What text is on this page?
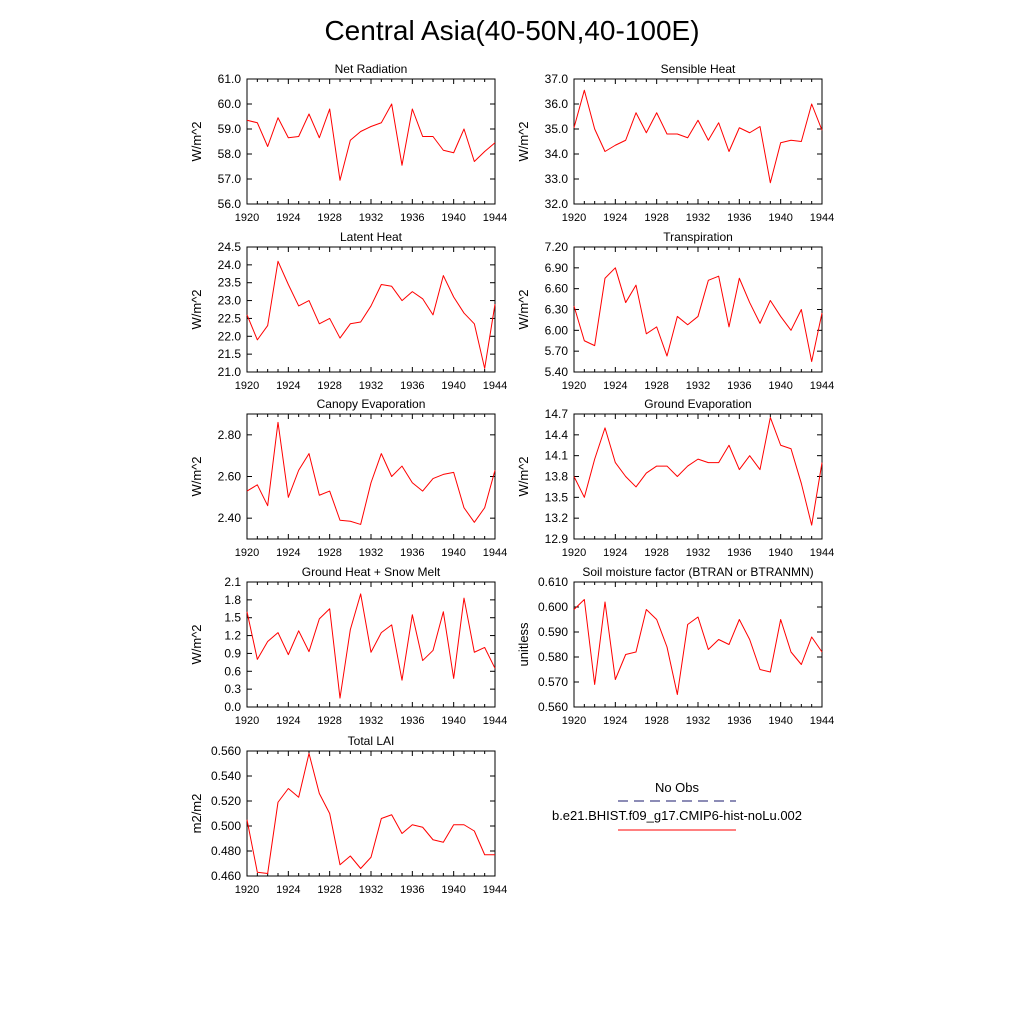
Central Asia(40-50N,40-100E)
Net Radiation
W/m^2
1920 1924 1928 1932 1936 1940 1944
56.0
57.0
58.0
59.0
60.0
61.0
Sensible Heat
W/m^2
1920 1924 1928 1932 1936 1940 1944
32.0
33.0
34.0
35.0
36.0
37.0
Latent Heat
W/m^2
1920 1924 1928 1932 1936 1940 1944
21.0
21.5
22.0
22.5
23.0
23.5
24.0
24.5
Transpiration
W/m^2
1920 1924 1928 1932 1936 1940 1944
5.40
5.70
6.00
6.30
6.60
6.90
7.20
Canopy Evaporation
W/m^2
1920 1924 1928 1932 1936 1940 1944
2.40
2.60
2.80
Ground Evaporation
W/m^2
1920 1924 1928 1932 1936 1940 1944
12.9
13.2
13.5
13.8
14.1
14.4
14.7
Ground Heat + Snow Melt
W/m^2
1920 1924 1928 1932 1936 1940 1944
0.0
0.3
0.6
0.9
1.2
1.5
1.8
2.1
Soil moisture factor (BTRAN or BTRANMN)
unitless
1920 1924 1928 1932 1936 1940 1944
0.560
0.570
0.580
0.590
0.600
0.610
Total LAI
m2/m2
1920 1924 1928 1932 1936 1940 1944
0.460
0.480
0.500
0.520
0.540
0.560
No Obs
b.e21.BHIST.f09_g17.CMIP6-hist-noLu.002
